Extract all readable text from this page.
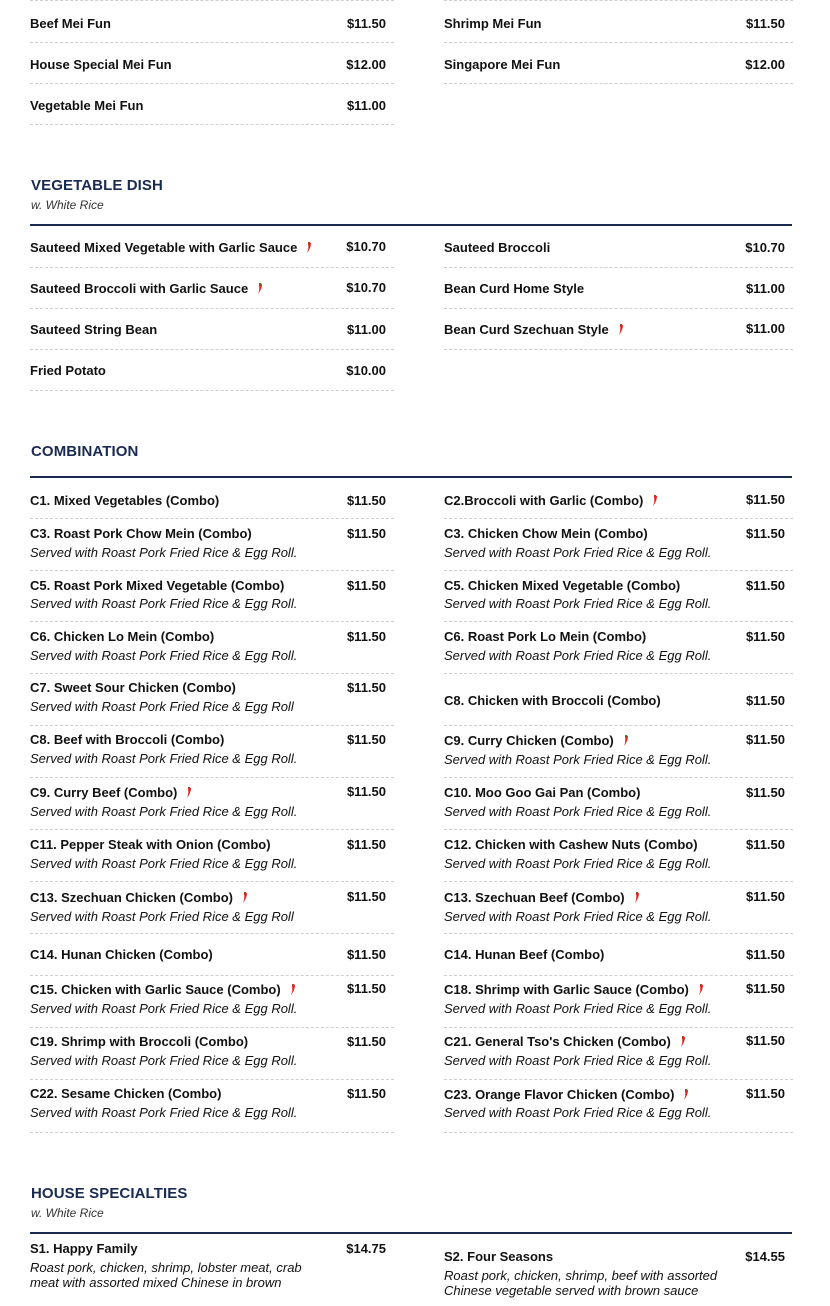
Beef Mei Fun	$11.50
House Special Mei Fun	$12.00
Vegetable Mei Fun	$11.00
Shrimp Mei Fun	$11.50
Singapore Mei Fun	$12.00
VEGETABLE DISH
w. White Rice
Sauteed Mixed Vegetable with Garlic Sauce	$10.70
Sauteed Broccoli with Garlic Sauce	$10.70
Sauteed String Bean	$11.00
Fried Potato	$10.00
Sauteed Broccoli	$10.70
Bean Curd Home Style	$11.00
Bean Curd Szechuan Style	$11.00
COMBINATION
C1. Mixed Vegetables (Combo)	$11.50
C3. Roast Pork Chow Mein (Combo)	$11.50
Served with Roast Pork Fried Rice & Egg Roll.
C5. Roast Pork Mixed Vegetable (Combo)	$11.50
Served with Roast Pork Fried Rice & Egg Roll.
C6. Chicken Lo Mein (Combo)	$11.50
Served with Roast Pork Fried Rice & Egg Roll.
C7. Sweet Sour Chicken (Combo)	$11.50
Served with Roast Pork Fried Rice & Egg Roll
C8. Beef with Broccoli (Combo)	$11.50
Served with Roast Pork Fried Rice & Egg Roll.
C9. Curry Beef (Combo)	$11.50
Served with Roast Pork Fried Rice & Egg Roll.
C11. Pepper Steak with Onion (Combo)	$11.50
Served with Roast Pork Fried Rice & Egg Roll.
C13. Szechuan Chicken (Combo)	$11.50
Served with Roast Pork Fried Rice & Egg Roll
C14. Hunan Chicken (Combo)	$11.50
C15. Chicken with Garlic Sauce (Combo)	$11.50
Served with Roast Pork Fried Rice & Egg Roll.
C19. Shrimp with Broccoli (Combo)	$11.50
Served with Roast Pork Fried Rice & Egg Roll.
C22. Sesame Chicken (Combo)	$11.50
Served with Roast Pork Fried Rice & Egg Roll.
C2.Broccoli with Garlic (Combo)	$11.50
C3. Chicken Chow Mein (Combo)	$11.50
Served with Roast Pork Fried Rice & Egg Roll.
C5. Chicken Mixed Vegetable (Combo)	$11.50
Served with Roast Pork Fried Rice & Egg Roll.
C6. Roast Pork Lo Mein (Combo)	$11.50
Served with Roast Pork Fried Rice & Egg Roll.
C8. Chicken with Broccoli (Combo)	$11.50
C9. Curry Chicken (Combo)	$11.50
Served with Roast Pork Fried Rice & Egg Roll.
C10. Moo Goo Gai Pan (Combo)	$11.50
Served with Roast Pork Fried Rice & Egg Roll.
C12. Chicken with Cashew Nuts (Combo)	$11.50
Served with Roast Pork Fried Rice & Egg Roll.
C13. Szechuan Beef (Combo)	$11.50
Served with Roast Pork Fried Rice & Egg Roll.
C14. Hunan Beef (Combo)	$11.50
C18. Shrimp with Garlic Sauce (Combo)	$11.50
Served with Roast Pork Fried Rice & Egg Roll.
C21. General Tso's Chicken (Combo)	$11.50
Served with Roast Pork Fried Rice & Egg Roll.
C23. Orange Flavor Chicken (Combo)	$11.50
Served with Roast Pork Fried Rice & Egg Roll.
HOUSE SPECIALTIES
w. White Rice
S1. Happy Family	$14.75
Roast pork, chicken, shrimp, lobster meat, crab meat with assorted mixed Chinese in brown
S2. Four Seasons	$14.55
Roast pork, chicken, shrimp, beef with assorted Chinese vegetable served with brown sauce
